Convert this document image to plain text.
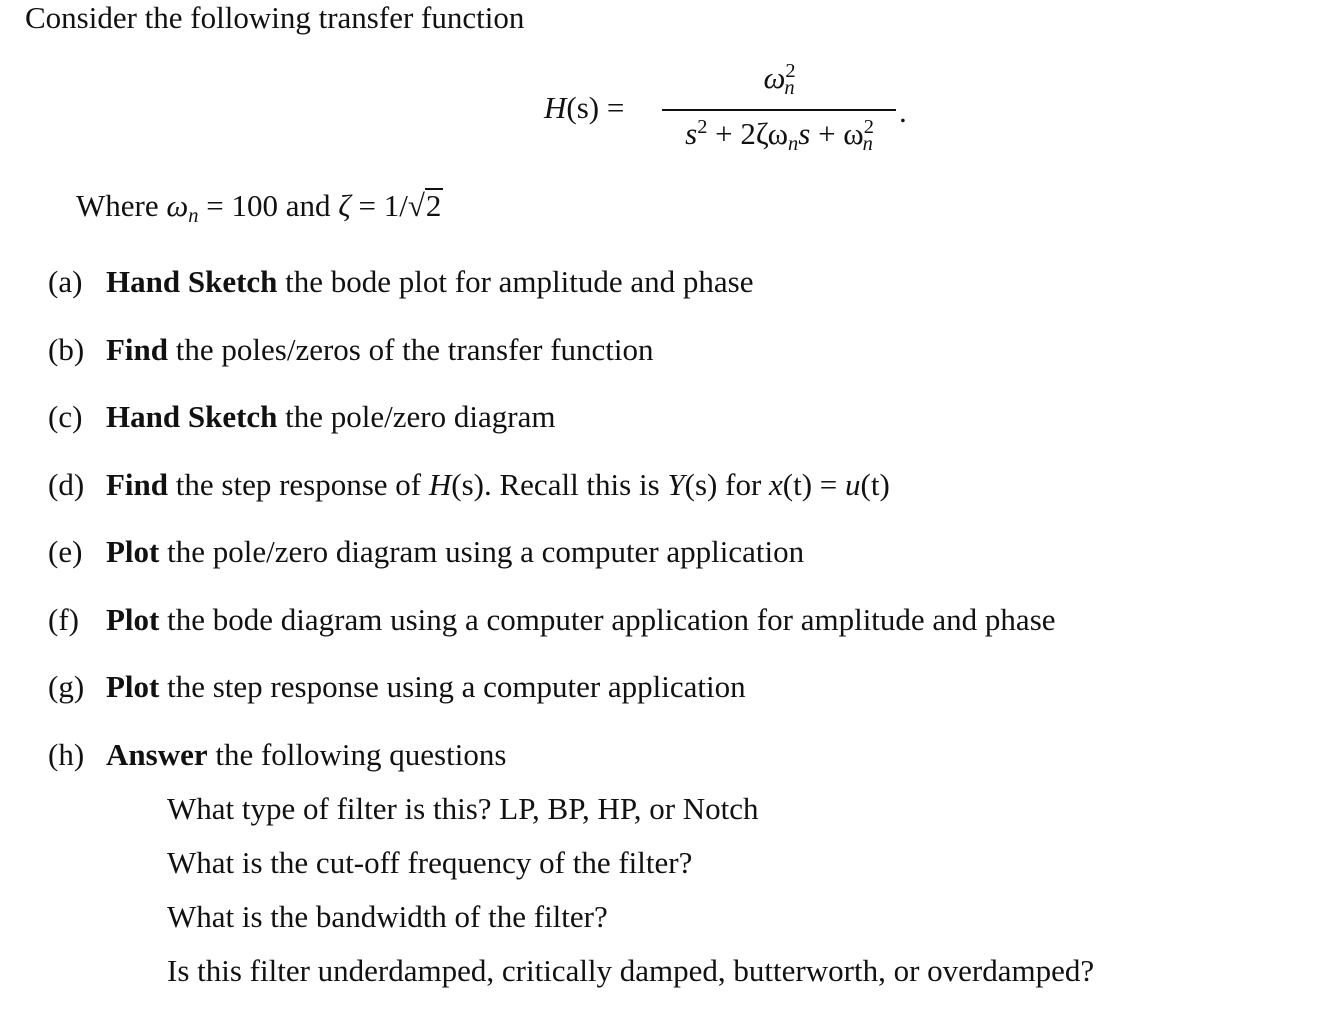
Consider the following transfer function
H(s) =
$\omega^2_n$
$s^2 + 2\zeta\omega_ns + \omega^2_n$
.
Where $\omega_n = 100$ and ζ = 1/√2
(a) Hand Sketch the bode plot for amplitude and phase
(b) Find the poles/zeros of the transfer function
(c) Hand Sketch the pole/zero diagram
(d) Find the step response of H(s). Recall this is Y(s) for x(t) = u(t)
(e) Plot the pole/zero diagram using a computer application
(f) Plot the bode diagram using a computer application for amplitude and phase
(g) Plot the step response using a computer application
(h) Answer the following questions
What type of filter is this? LP, BP, HP, or Notch
What is the cut-off frequency of the filter?
What is the bandwidth of the filter?
Is this filter underdamped, critically damped, butterworth, or overdamped?
